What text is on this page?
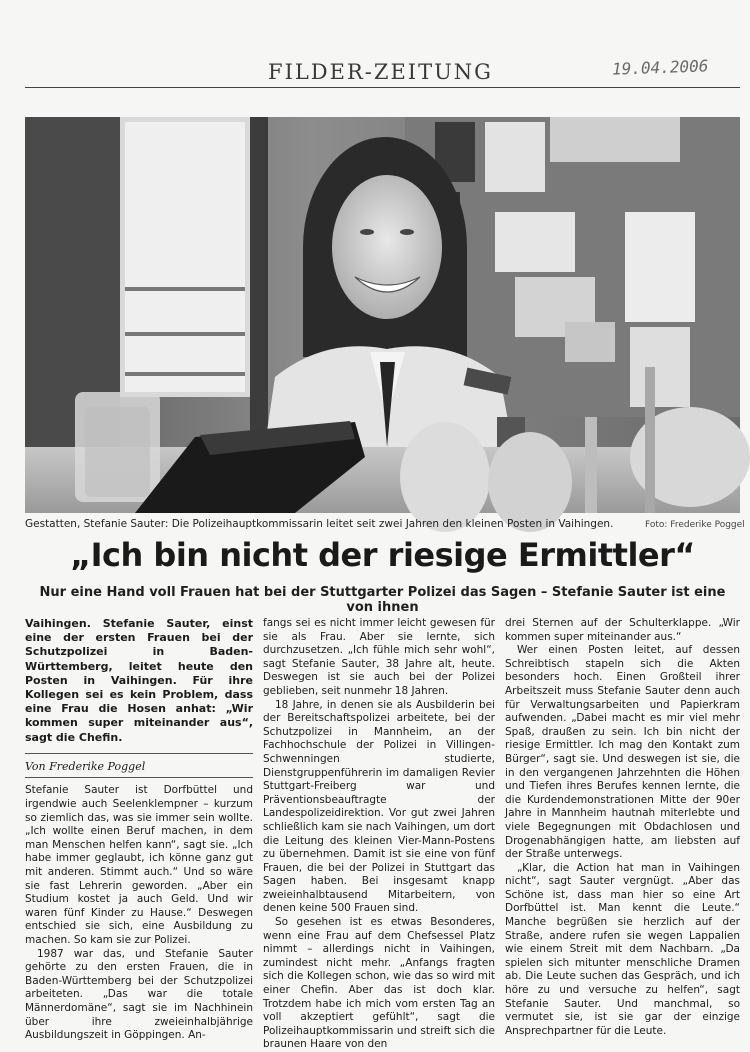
FILDER-ZEITUNG	19.04.2006
Gestatten, Stefanie Sauter: Die Polizeihauptkommissarin leitet seit zwei Jahren den kleinen Posten in Vaihingen.	Foto: Frederike Poggel
„Ich bin nicht der riesige Ermittler“
Nur eine Hand voll Frauen hat bei der Stuttgarter Polizei das Sagen – Stefanie Sauter ist eine von ihnen
Vaihingen. Stefanie Sauter, einst eine der ersten Frauen bei der Schutzpolizei in Baden-Württemberg, leitet heute den Posten in Vaihingen. Für ihre Kollegen sei es kein Problem, dass eine Frau die Hosen anhat: „Wir kommen super miteinander aus“, sagt die Chefin.
Von Frederike Poggel

Stefanie Sauter ist Dorfbüttel und irgendwie auch Seelenklempner – kurzum so ziemlich das, was sie immer sein wollte. „Ich wollte einen Beruf machen, in dem man Menschen helfen kann“, sagt sie. „Ich habe immer geglaubt, ich könne ganz gut mit anderen. Stimmt auch.“ Und so wäre sie fast Lehrerin geworden. „Aber ein Studium kostet ja auch Geld. Und wir waren fünf Kinder zu Hause.“ Deswegen entschied sie sich, eine Ausbildung zu machen. So kam sie zur Polizei.

1987 war das, und Stefanie Sauter gehörte zu den ersten Frauen, die in Baden-Württemberg bei der Schutzpolizei arbeiteten. „Das war die totale Männerdomäne“, sagt sie im Nachhinein über ihre zweieinhalbjährige Ausbildungszeit in Göppingen. An-

fangs sei es nicht immer leicht gewesen für sie als Frau. Aber sie lernte, sich durchzusetzen. „Ich fühle mich sehr wohl“, sagt Stefanie Sauter, 38 Jahre alt, heute. Deswegen ist sie auch bei der Polizei geblieben, seit nunmehr 18 Jahren.

18 Jahre, in denen sie als Ausbilderin bei der Bereitschaftspolizei arbeitete, bei der Schutzpolizei in Mannheim, an der Fachhochschule der Polizei in Villingen-Schwenningen studierte, Dienstgruppenführerin im damaligen Revier Stuttgart-Freiberg war und Präventionsbeauftragte der Landespolizeidirektion. Vor gut zwei Jahren schließlich kam sie nach Vaihingen, um dort die Leitung des kleinen Vier-Mann-Postens zu übernehmen. Damit ist sie eine von fünf Frauen, die bei der Polizei in Stuttgart das Sagen haben. Bei insgesamt knapp zweieinhalbtausend Mitarbeitern, von denen keine 500 Frauen sind.

So gesehen ist es etwas Besonderes, wenn eine Frau auf dem Chefsessel Platz nimmt – allerdings nicht in Vaihingen, zumindest nicht mehr. „Anfangs fragten sich die Kollegen schon, wie das so wird mit einer Chefin. Aber das ist doch klar. Trotzdem habe ich mich vom ersten Tag an voll akzeptiert gefühlt“, sagt die Polizeihauptkommissarin und streift sich die braunen Haare von den

drei Sternen auf der Schulterklappe. „Wir kommen super miteinander aus.“

Wer einen Posten leitet, auf dessen Schreibtisch stapeln sich die Akten besonders hoch. Einen Großteil ihrer Arbeitszeit muss Stefanie Sauter denn auch für Verwaltungsarbeiten und Papierkram aufwenden. „Dabei macht es mir viel mehr Spaß, draußen zu sein. Ich bin nicht der riesige Ermittler. Ich mag den Kontakt zum Bürger“, sagt sie. Und deswegen ist sie, die in den vergangenen Jahrzehnten die Höhen und Tiefen ihres Berufes kennen lernte, die die Kurdendemonstrationen Mitte der 90er Jahre in Mannheim hautnah miterlebte und viele Begegnungen mit Obdachlosen und Drogenabhängigen hatte, am liebsten auf der Straße unterwegs.

„Klar, die Action hat man in Vaihingen nicht“, sagt Sauter vergnügt. „Aber das Schöne ist, dass man hier so eine Art Dorfbüttel ist. Man kennt die Leute.“ Manche begrüßen sie herzlich auf der Straße, andere rufen sie wegen Lappalien wie einem Streit mit dem Nachbarn. „Da spielen sich mitunter menschliche Dramen ab. Die Leute suchen das Gespräch, und ich höre zu und versuche zu helfen“, sagt Stefanie Sauter. Und manchmal, so vermutet sie, ist sie gar der einzige Ansprechpartner für die Leute.
